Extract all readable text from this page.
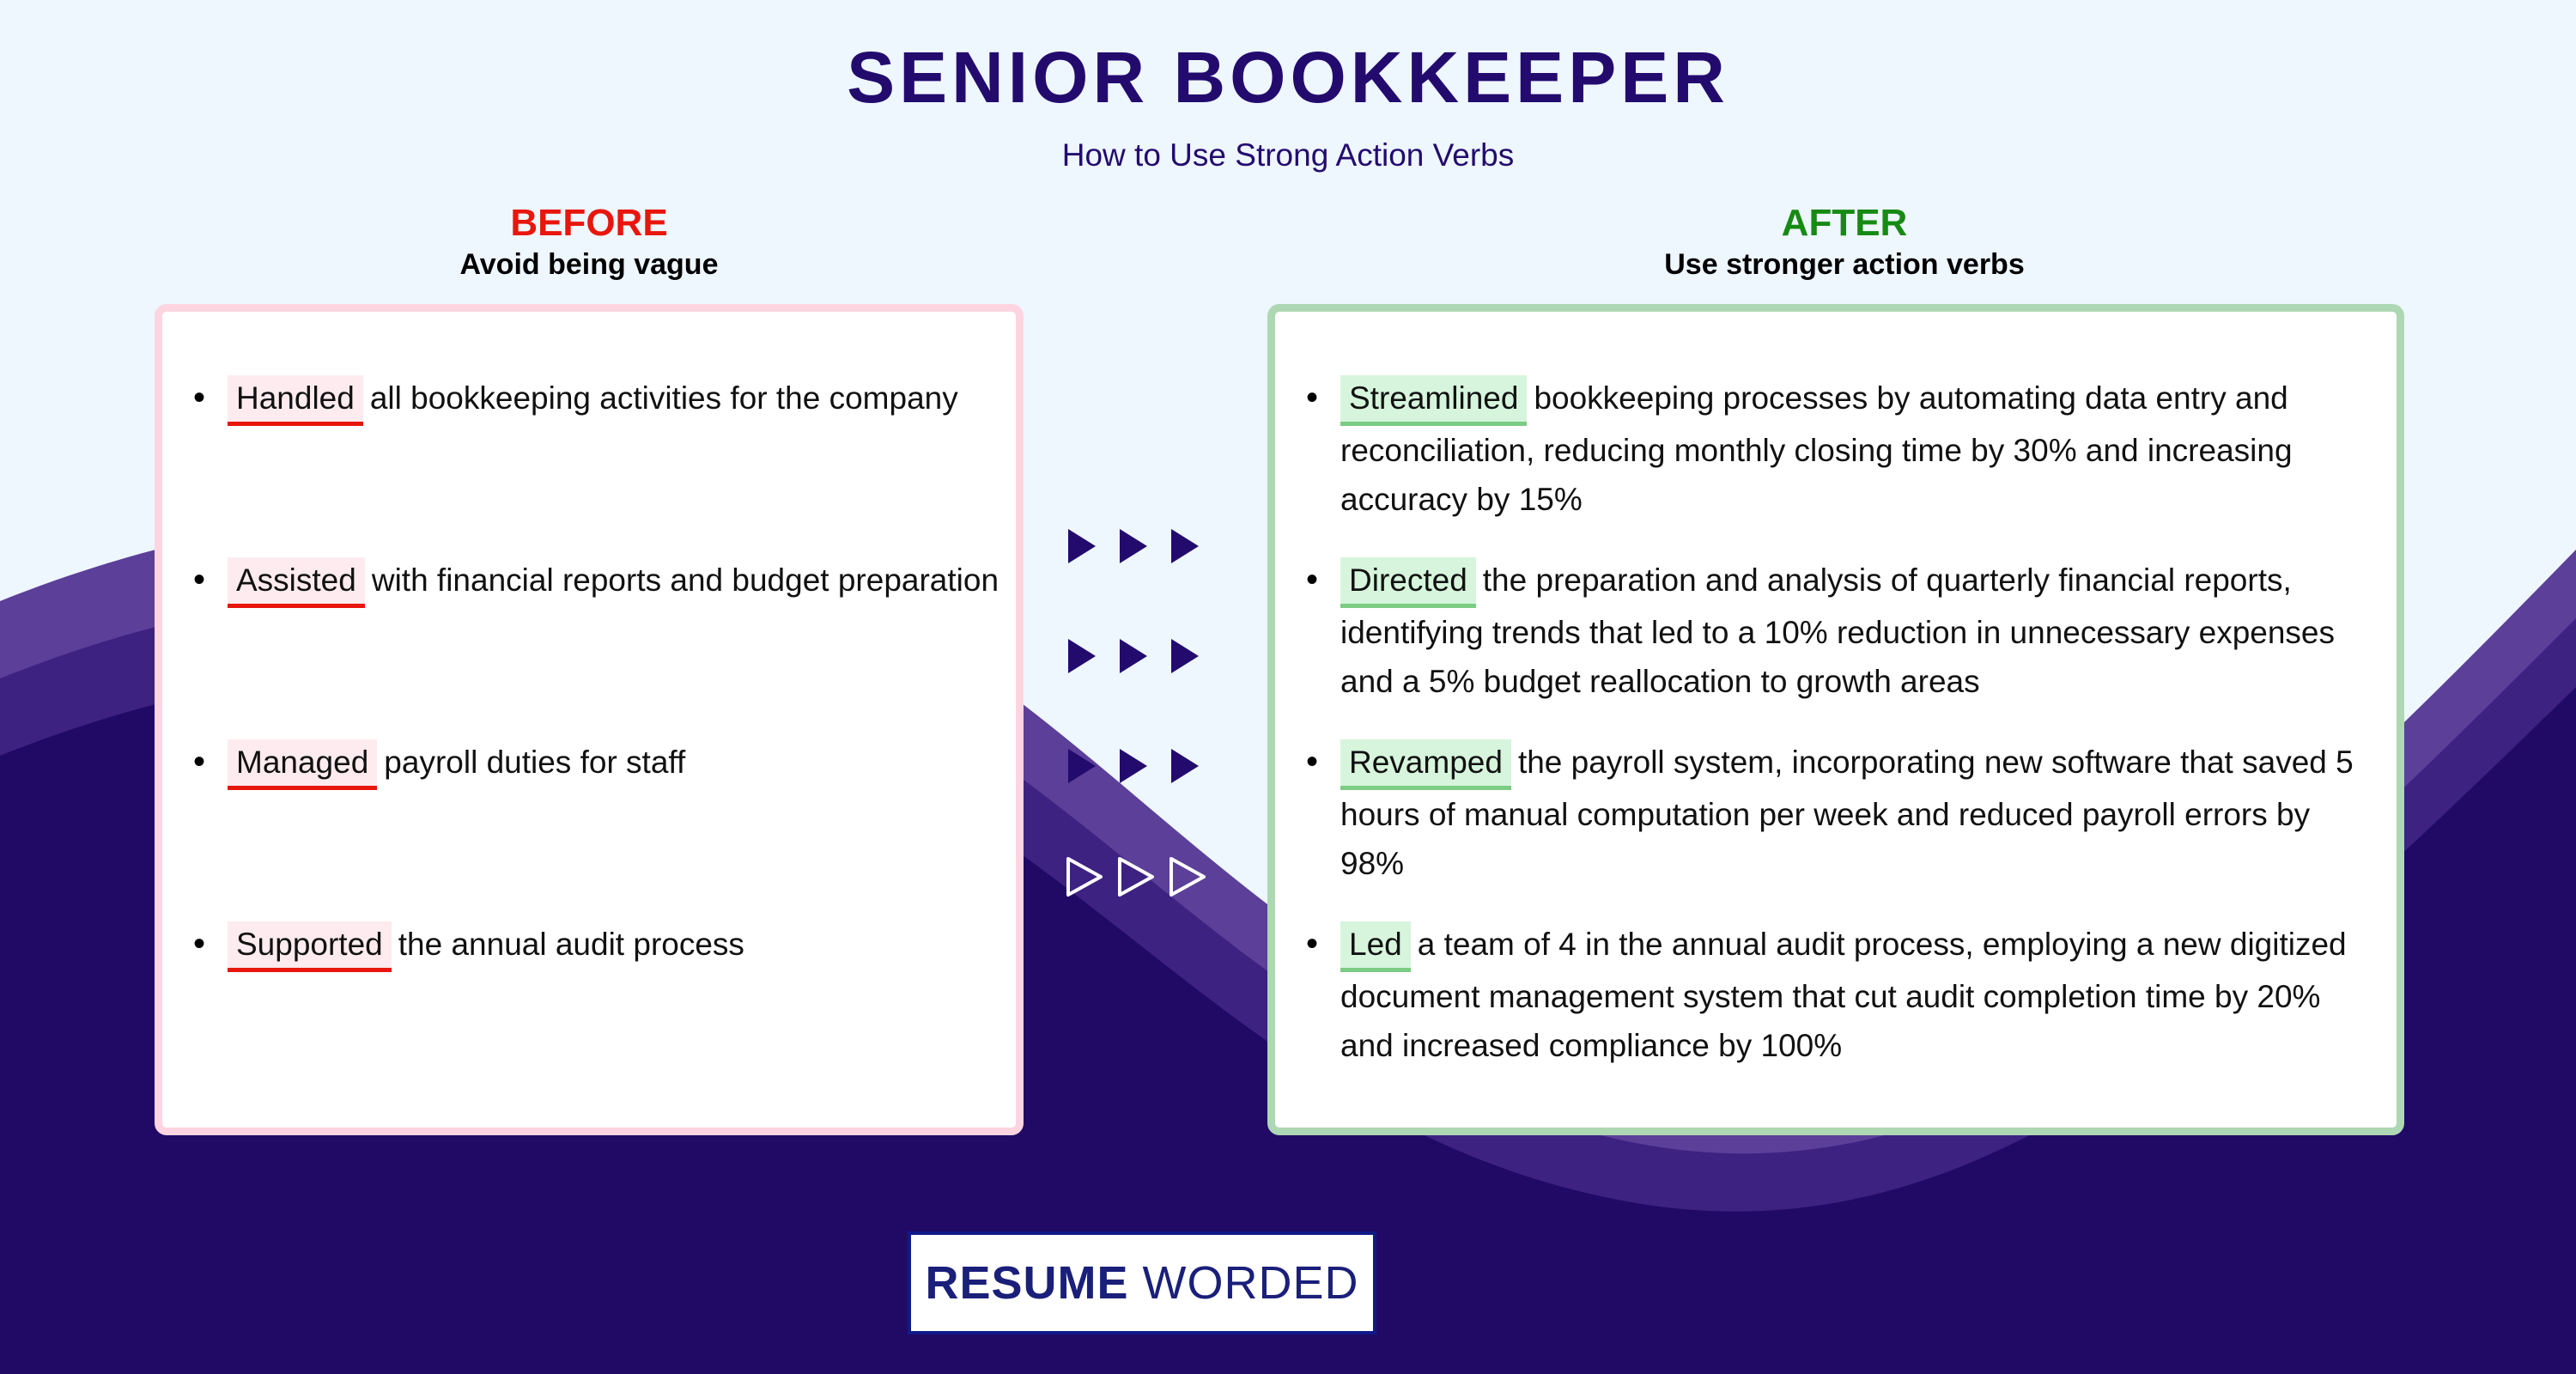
SENIOR BOOKKEEPER
How to Use Strong Action Verbs
BEFORE
Avoid being vague
AFTER
Use stronger action verbs
• Handled all bookkeeping activities for the company
• Assisted with financial reports and budget preparation
• Managed payroll duties for staff
• Supported the annual audit process
• Streamlined bookkeeping processes by automating data entry and reconciliation, reducing monthly closing time by 30% and increasing accuracy by 15%
• Directed the preparation and analysis of quarterly financial reports, identifying trends that led to a 10% reduction in unnecessary expenses and a 5% budget reallocation to growth areas
• Revamped the payroll system, incorporating new software that saved 5 hours of manual computation per week and reduced payroll errors by 98%
• Led a team of 4 in the annual audit process, employing a new digitized document management system that cut audit completion time by 20% and increased compliance by 100%
RESUME WORDED
